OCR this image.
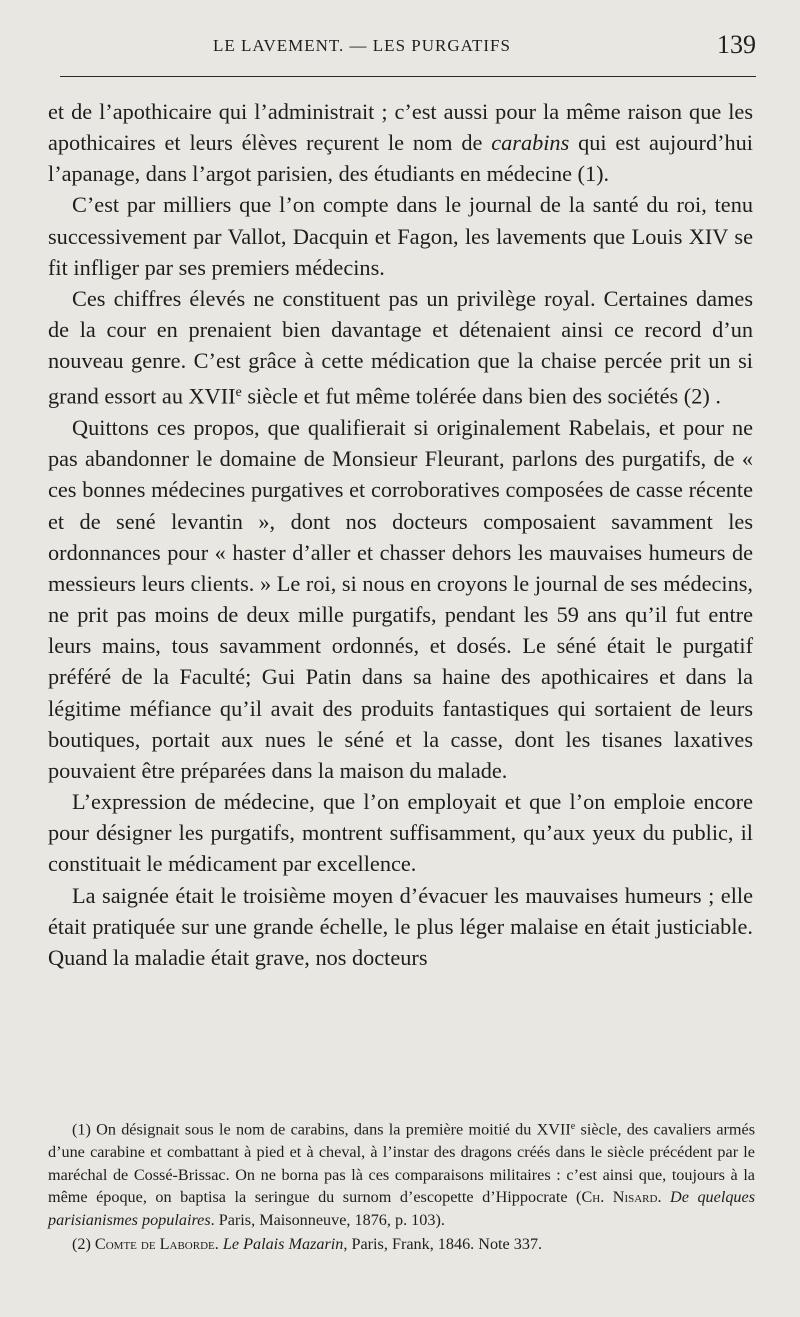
LE LAVEMENT. — LES PURGATIFS	139

et de l’apothicaire qui l’administrait ; c’est aussi pour la même raison que les apothicaires et leurs élèves reçurent le nom de carabins qui est aujourd’hui l’apanage, dans l’argot parisien, des étudiants en médecine (1).

C’est par milliers que l’on compte dans le journal de la santé du roi, tenu successivement par Vallot, Dacquin et Fagon, les lavements que Louis XIV se fit infliger par ses premiers médecins.

Ces chiffres élevés ne constituent pas un privilège royal. Certaines dames de la cour en prenaient bien davantage et détenaient ainsi ce record d’un nouveau genre. C’est grâce à cette médication que la chaise percée prit un si grand essort au XVIIe siècle et fut même tolérée dans bien des sociétés (2) .

Quittons ces propos, que qualifierait si originalement Rabelais, et pour ne pas abandonner le domaine de Monsieur Fleurant, parlons des purgatifs, de « ces bonnes médecines purgatives et corroboratives composées de casse récente et de sené levantin », dont nos docteurs composaient savamment les ordonnances pour « haster d’aller et chasser dehors les mauvaises humeurs de messieurs leurs clients. » Le roi, si nous en croyons le journal de ses médecins, ne prit pas moins de deux mille purgatifs, pendant les 59 ans qu’il fut entre leurs mains, tous savamment ordonnés, et dosés. Le séné était le purgatif préféré de la Faculté; Gui Patin dans sa haine des apothicaires et dans la légitime méfiance qu’il avait des produits fantastiques qui sortaient de leurs boutiques, portait aux nues le séné et la casse, dont les tisanes laxatives pouvaient être préparées dans la maison du malade.

L’expression de médecine, que l’on employait et que l’on emploie encore pour désigner les purgatifs, montrent suffisamment, qu’aux yeux du public, il constituait le médicament par excellence.

La saignée était le troisième moyen d’évacuer les mauvaises humeurs ; elle était pratiquée sur une grande échelle, le plus léger malaise en était justiciable. Quand la maladie était grave, nos docteurs

(1) On désignait sous le nom de carabins, dans la première moitié du XVIIe siècle, des cavaliers armés d’une carabine et combattant à pied et à cheval, à l’instar des dragons créés dans le siècle précédent par le maréchal de Cossé-Brissac. On ne borna pas là ces comparaisons militaires : c’est ainsi que, toujours à la même époque, on baptisa la seringue du surnom d’escopette d’Hippocrate (Ch. Nisard. De quelques parisianismes populaires. Paris, Maisonneuve, 1876, p. 103).

(2) Comte de Laborde. Le Palais Mazarin, Paris, Frank, 1846. Note 337.
